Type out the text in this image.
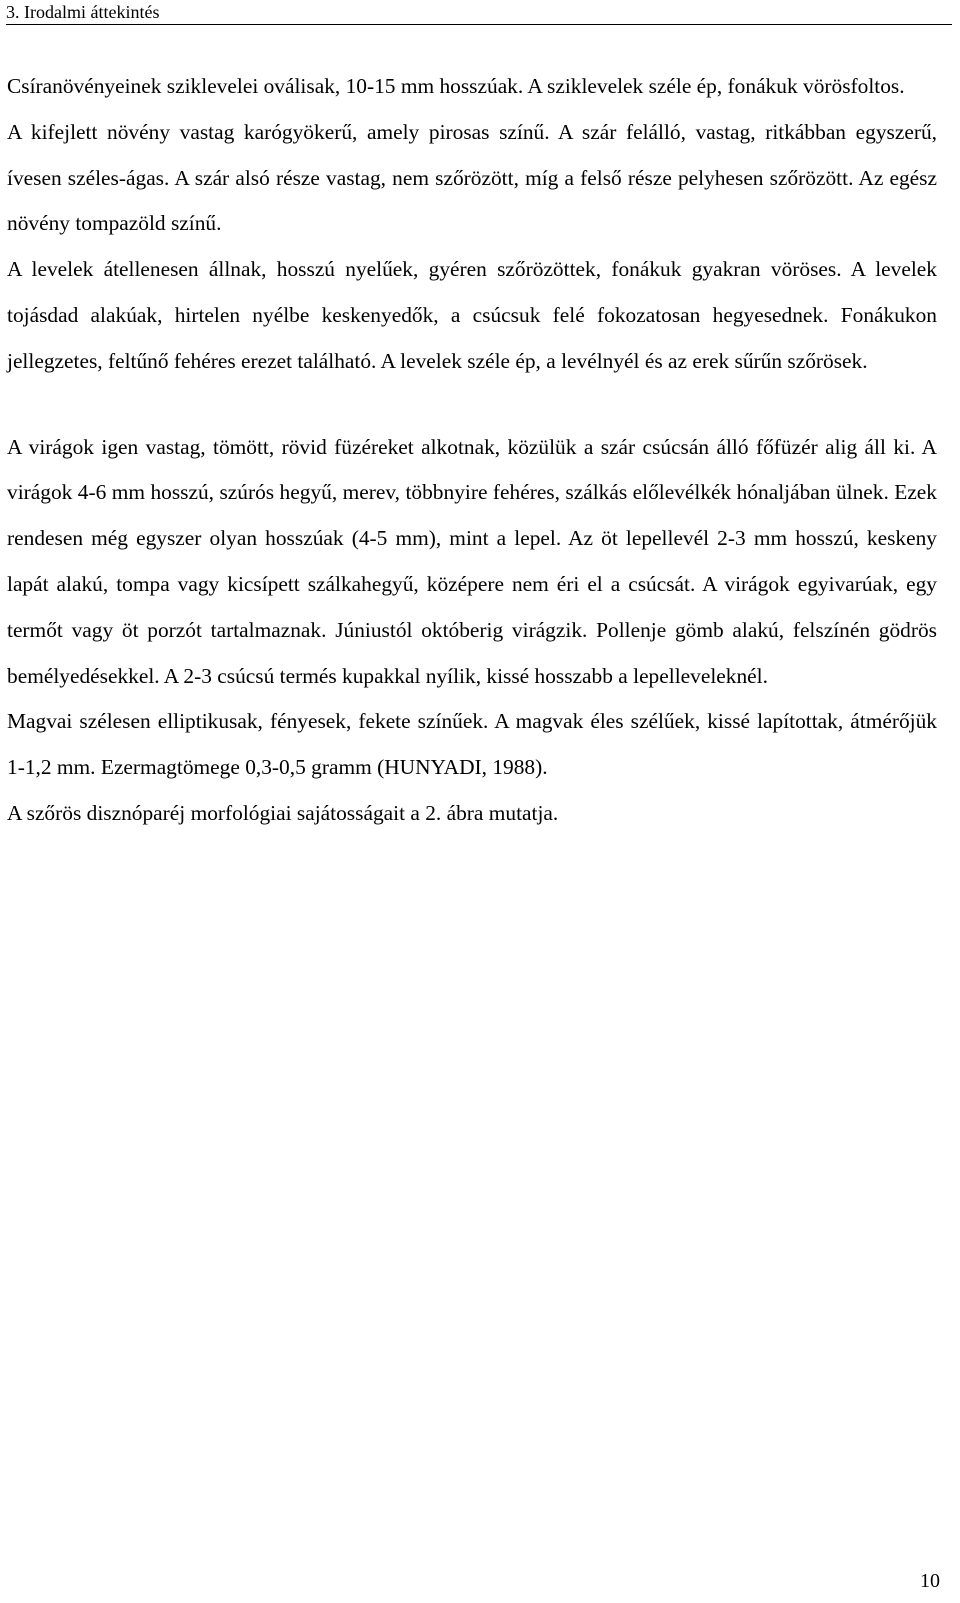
3. Irodalmi áttekintés

Csíranövényeinek sziklevelei oválisak, 10-15 mm hosszúak. A sziklevelek széle ép, fonákuk vörösfoltos.

A kifejlett növény vastag karógyökerű, amely pirosas színű. A szár felálló, vastag, ritkábban egyszerű, ívesen széles-ágas. A szár alsó része vastag, nem szőrözött, míg a felső része pelyhesen szőrözött. Az egész növény tompazöld színű.

A levelek átellenesen állnak, hosszú nyelűek, gyéren szőrözöttek, fonákuk gyakran vöröses. A levelek tojásdad alakúak, hirtelen nyélbe keskenyedők, a csúcsuk felé fokozatosan hegyesednek. Fonákukon jellegzetes, feltűnő fehéres erezet található. A levelek széle ép, a levélnyél és az erek sűrűn szőrösek.

A virágok igen vastag, tömött, rövid füzéreket alkotnak, közülük a szár csúcsán álló főfüzér alig áll ki. A virágok 4-6 mm hosszú, szúrós hegyű, merev, többnyire fehéres, szálkás előlevélkék hónaljában ülnek. Ezek rendesen még egyszer olyan hosszúak (4-5 mm), mint a lepel. Az öt lepellevél 2-3 mm hosszú, keskeny lapát alakú, tompa vagy kicsípett szálkahegyű, középere nem éri el a csúcsát. A virágok egyivarúak, egy termőt vagy öt porzót tartalmaznak. Júniustól októberig virágzik. Pollenje gömb alakú, felszínén gödrös bemélyedésekkel. A 2-3 csúcsú termés kupakkal nyílik, kissé hosszabb a lepelleveleknél.

Magvai szélesen elliptikusak, fényesek, fekete színűek. A magvak éles szélűek, kissé lapítottak, átmérőjük 1-1,2 mm. Ezermagtömege 0,3-0,5 gramm (HUNYADI, 1988).

A szőrös disznóparéj morfológiai sajátosságait a 2. ábra mutatja.

10
